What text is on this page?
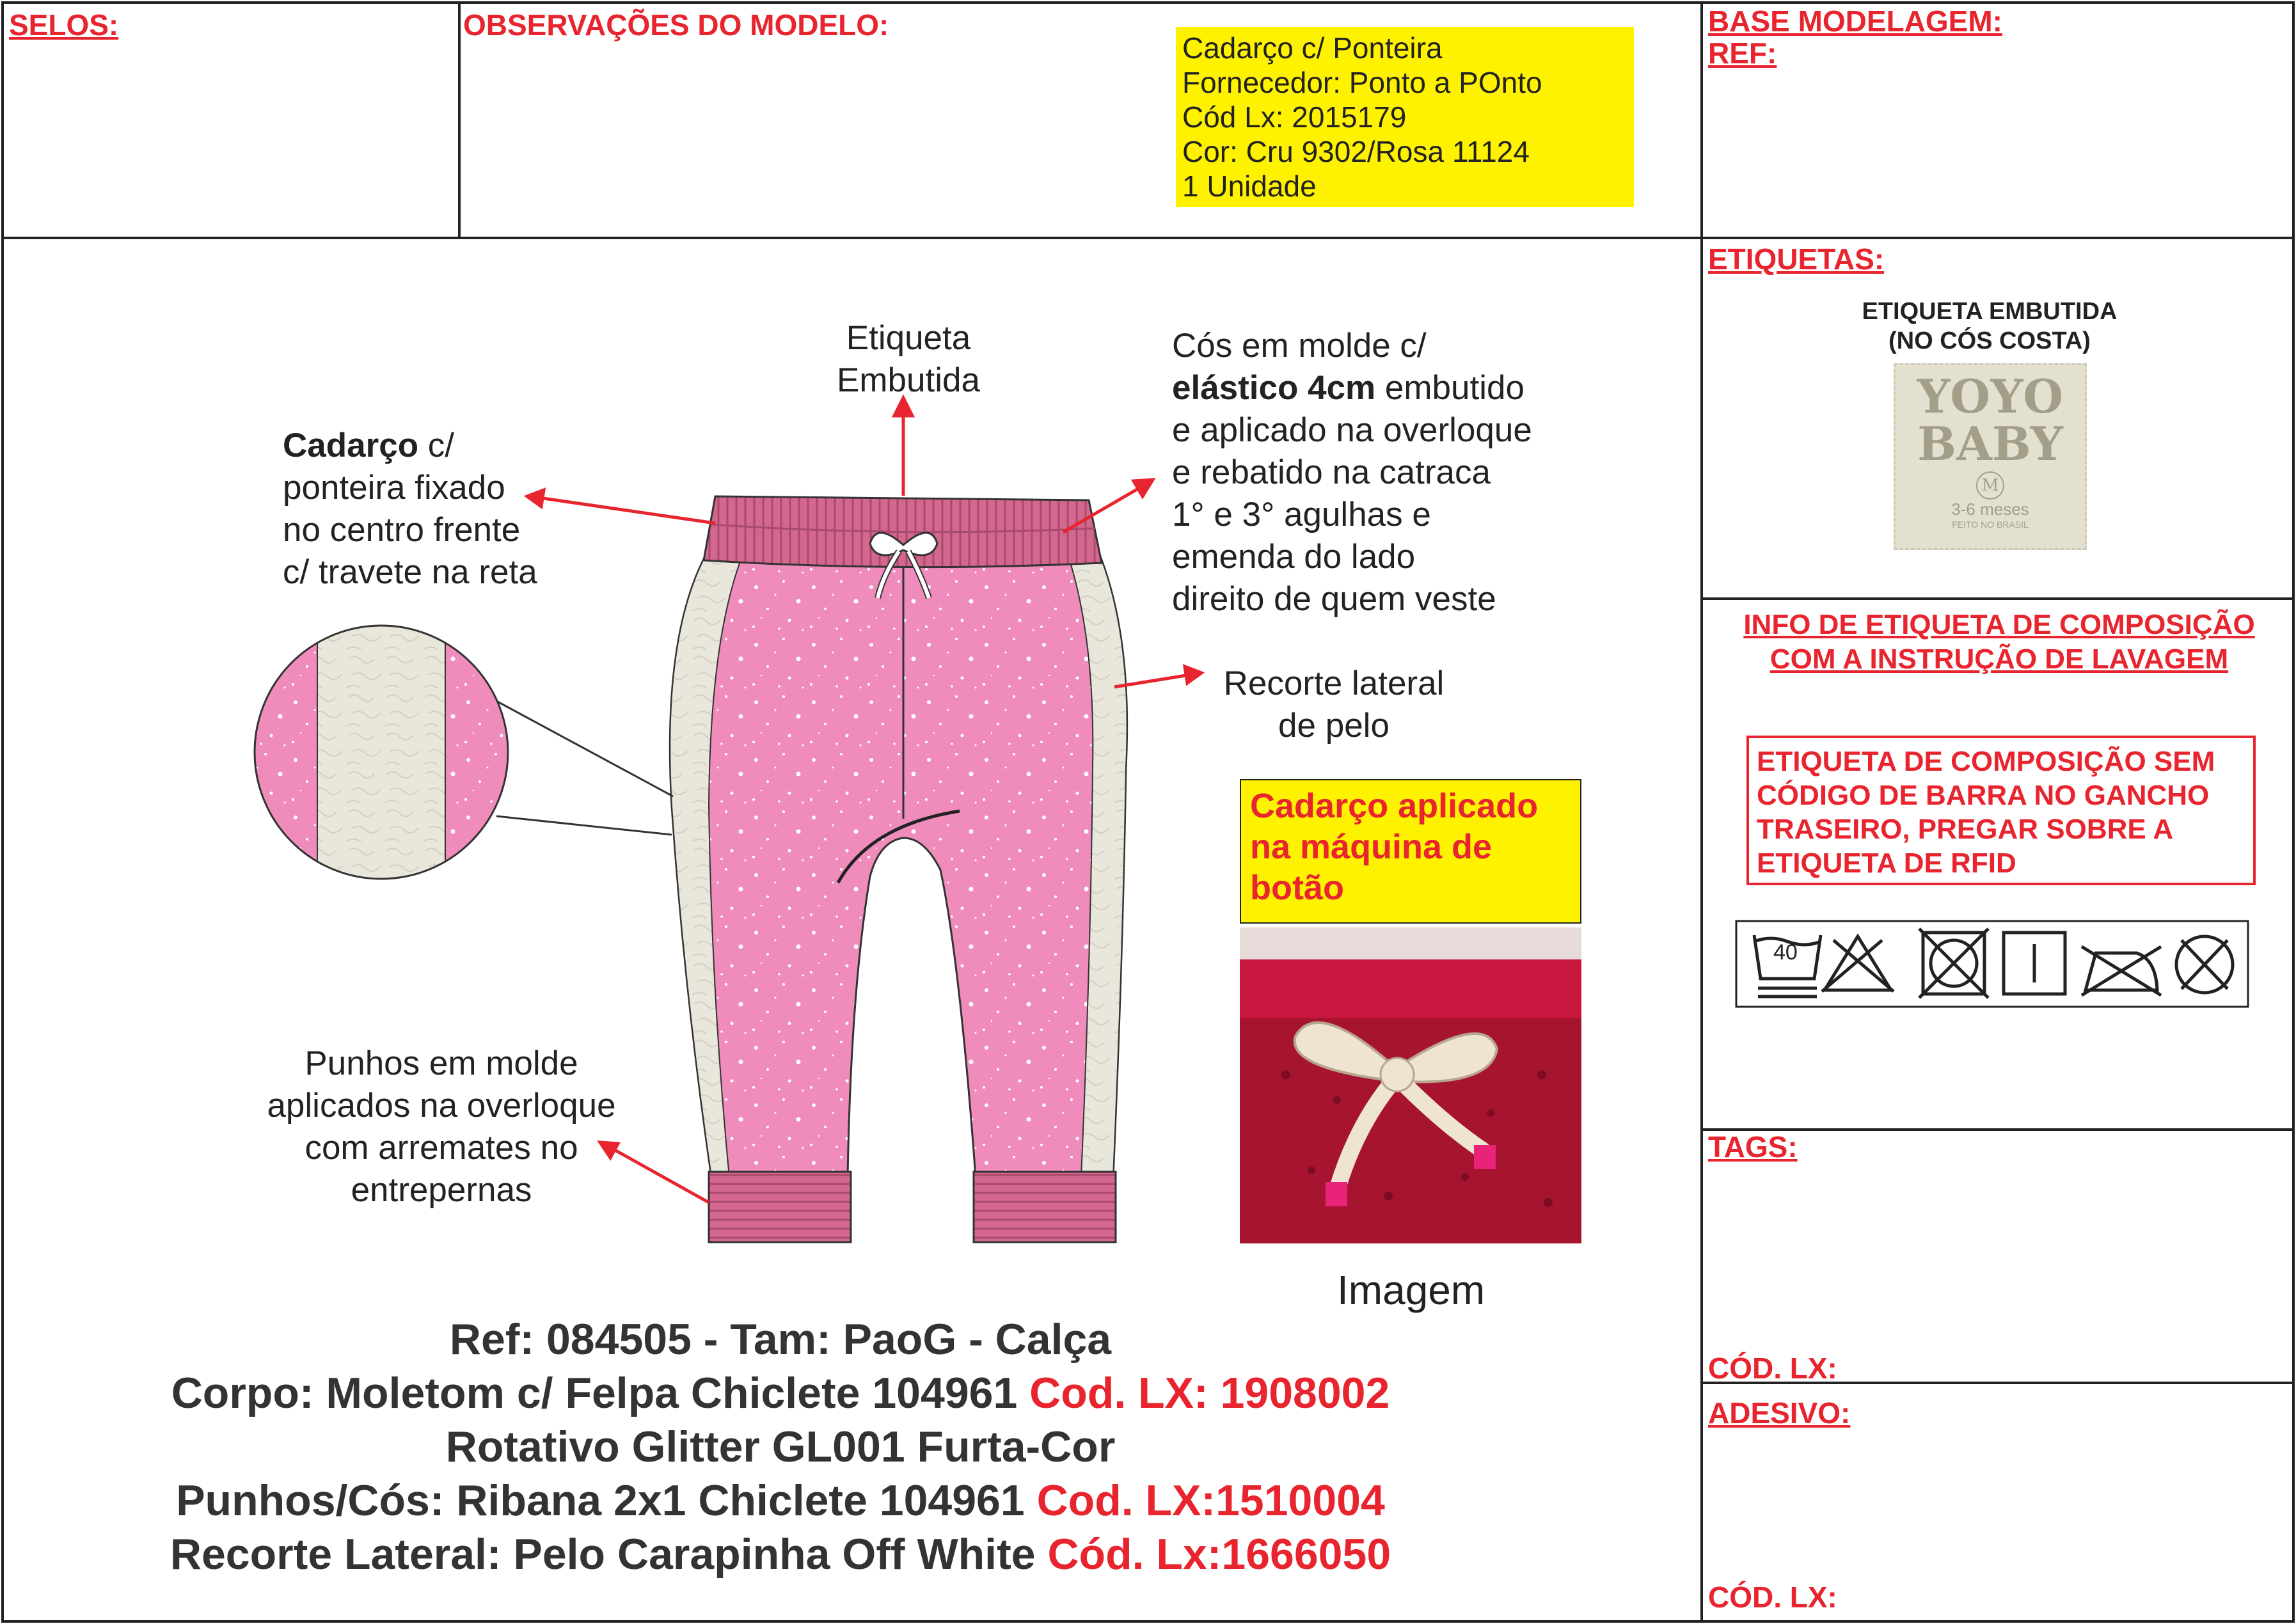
SELOS:	OBSERVAÇÕES DO MODELO:	BASE MODELAGEM:
REF:
Cadarço c/ Ponteira
Fornecedor: Ponto a POnto
Cód Lx: 2015179
Cor: Cru 9302/Rosa 11124
1 Unidade
40
Etiqueta
Embutida
Cós em molde c/
elástico 4cm embutido
e aplicado na overloque
e rebatido na catraca
1° e 3° agulhas e
emenda do lado
direito de quem veste
Cadarço c/
ponteira fixado
no centro frente
c/ travete na reta
Recorte lateral
de pelo
Punhos em molde
aplicados na overloque
com arremates no
entrepernas
Cadarço aplicado
na máquina de
botão
Imagem
Ref: 084505 - Tam: PaoG - Calça
Corpo: Moletom c/ Felpa Chiclete 104961 Cod. LX: 1908002
Rotativo Glitter GL001 Furta-Cor
Punhos/Cós: Ribana 2x1 Chiclete 104961 Cod. LX:1510004
Recorte Lateral: Pelo Carapinha Off White Cód. Lx:1666050
ETIQUETAS:
ETIQUETA EMBUTIDA
(NO CÓS COSTA)
YOYO
BABY
M
3-6 meses
FEITO NO BRASIL
INFO DE ETIQUETA DE COMPOSIÇÃO
COM A INSTRUÇÃO DE LAVAGEM
ETIQUETA DE COMPOSIÇÃO SEM
CÓDIGO DE BARRA NO GANCHO
TRASEIRO, PREGAR SOBRE A
ETIQUETA DE RFID
TAGS:
CÓD. LX:
ADESIVO:
CÓD. LX:
